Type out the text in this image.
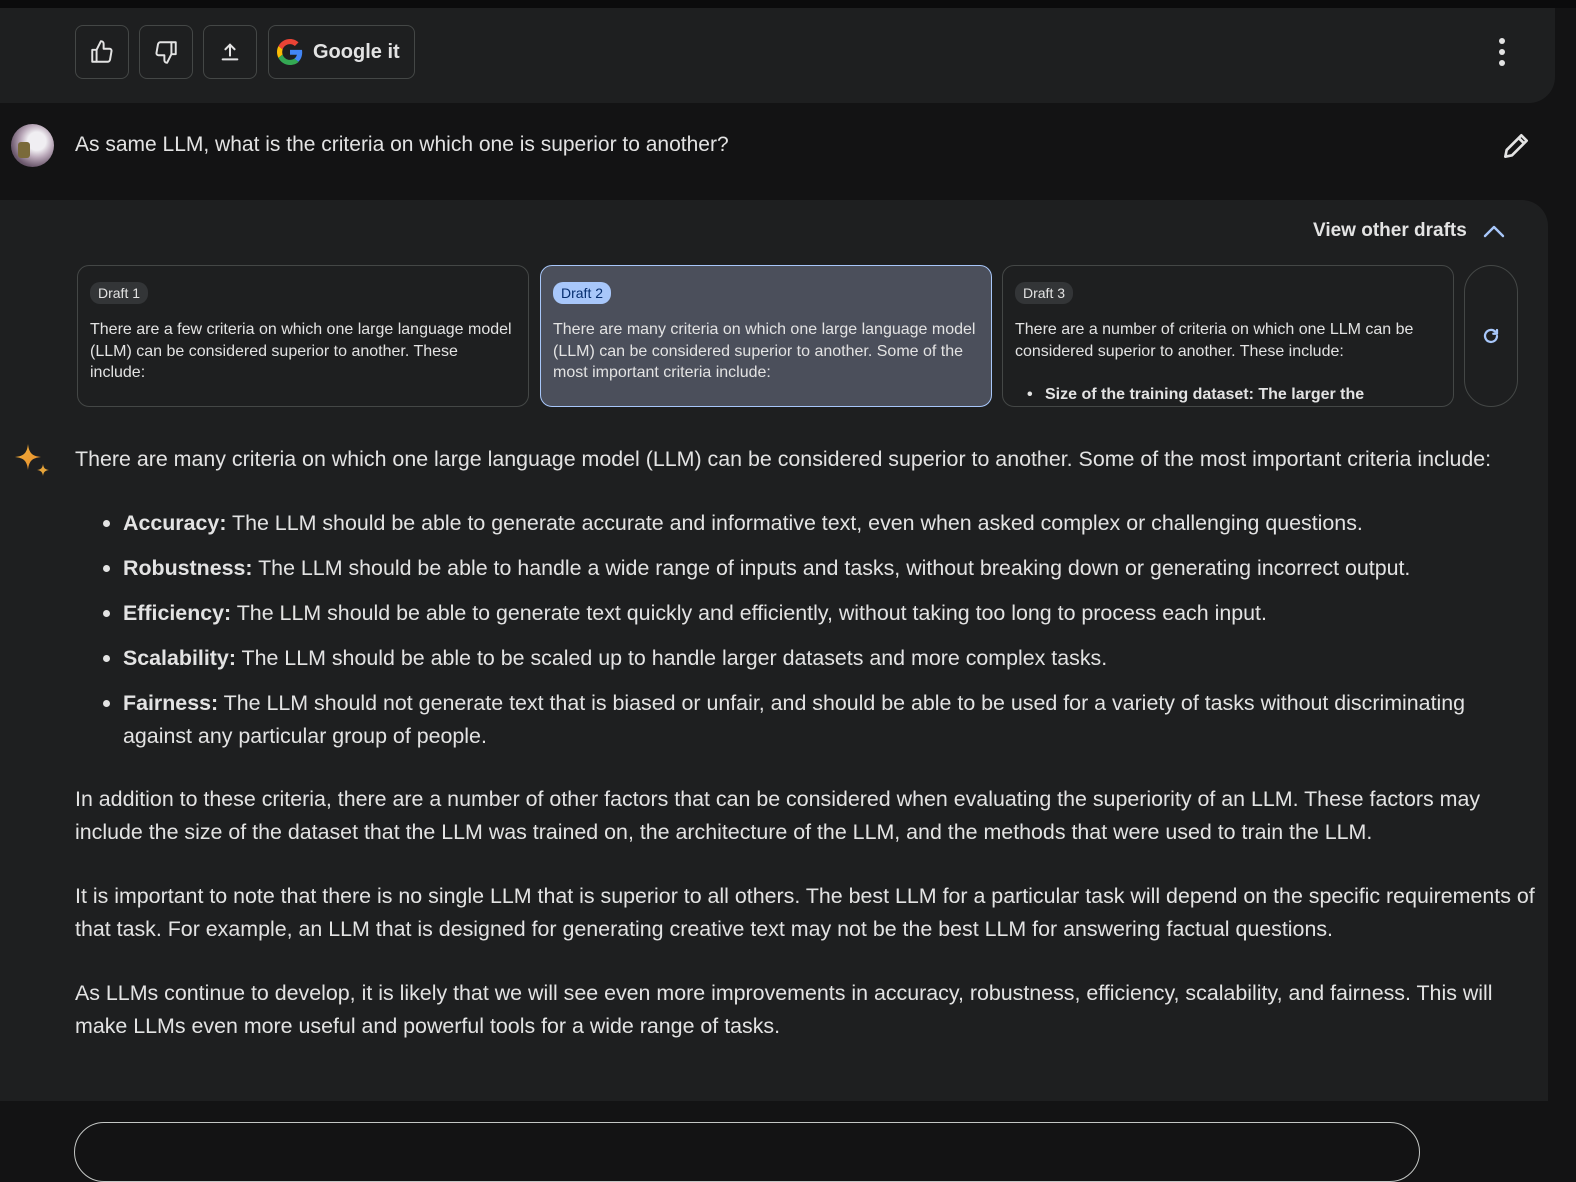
Google it
As same LLM, what is the criteria on which one is superior to another?
View other drafts
Draft 1
There are a few criteria on which one large language model (LLM) can be considered superior to another. These include:
Draft 2
There are many criteria on which one large language model (LLM) can be considered superior to another. Some of the most important criteria include:
Draft 3
There are a number of criteria on which one LLM can be considered superior to another. These include:
• Size of the training dataset: The larger the

There are many criteria on which one large language model (LLM) can be considered superior to another. Some of the most important criteria include:

Accuracy: The LLM should be able to generate accurate and informative text, even when asked complex or challenging questions.
Robustness: The LLM should be able to handle a wide range of inputs and tasks, without breaking down or generating incorrect output.
Efficiency: The LLM should be able to generate text quickly and efficiently, without taking too long to process each input.
Scalability: The LLM should be able to be scaled up to handle larger datasets and more complex tasks.
Fairness: The LLM should not generate text that is biased or unfair, and should be able to be used for a variety of tasks without discriminating against any particular group of people.

In addition to these criteria, there are a number of other factors that can be considered when evaluating the superiority of an LLM. These factors may include the size of the dataset that the LLM was trained on, the architecture of the LLM, and the methods that were used to train the LLM.

It is important to note that there is no single LLM that is superior to all others. The best LLM for a particular task will depend on the specific requirements of that task. For example, an LLM that is designed for generating creative text may not be the best LLM for answering factual questions.

As LLMs continue to develop, it is likely that we will see even more improvements in accuracy, robustness, efficiency, scalability, and fairness. This will make LLMs even more useful and powerful tools for a wide range of tasks.
